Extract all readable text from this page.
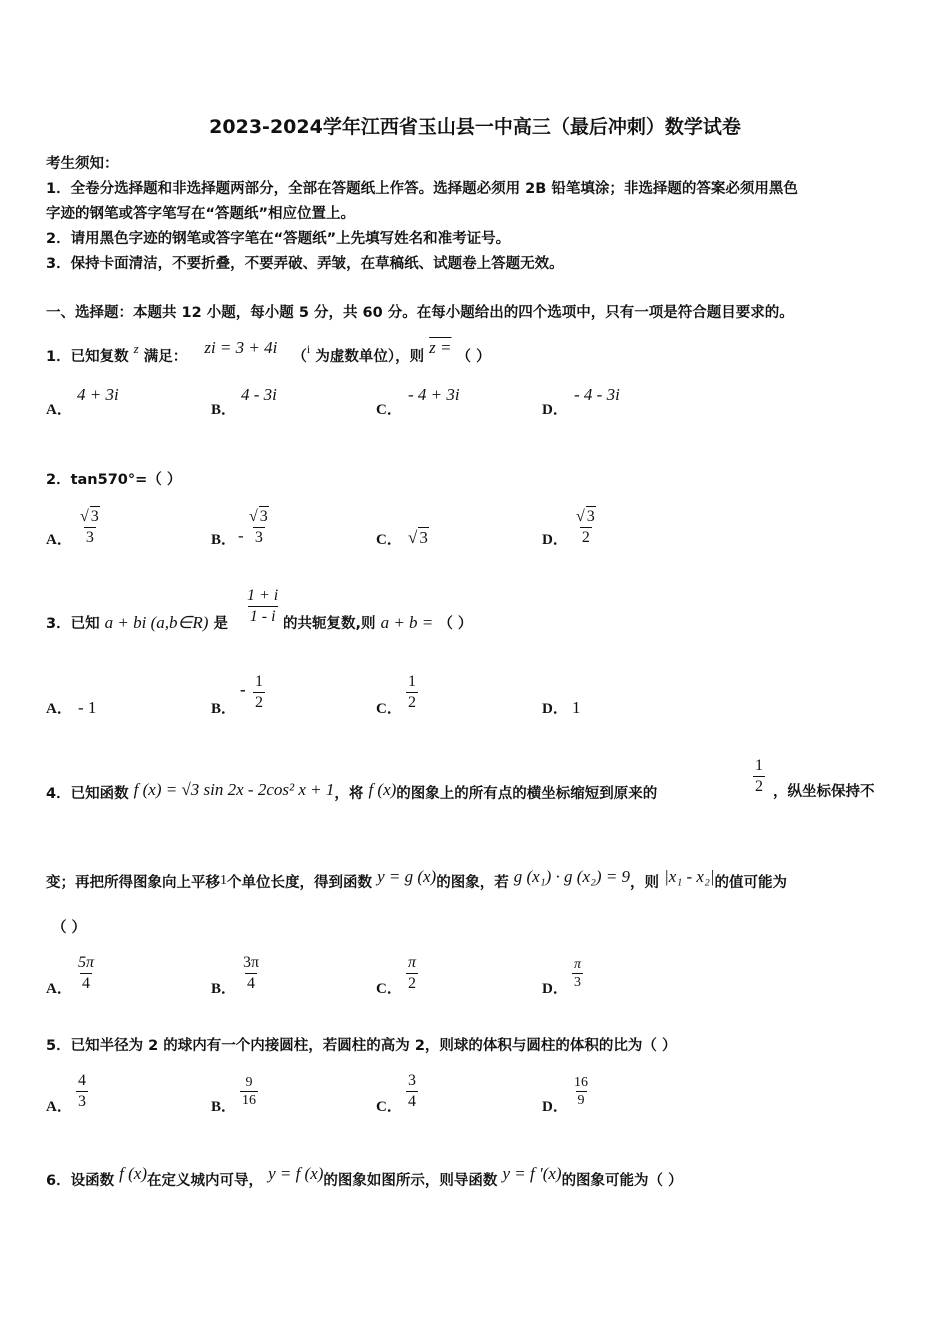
2023-2024学年江西省玉山县一中高三（最后冲刺）数学试卷
考生须知：
1．全卷分选择题和非选择题两部分，全部在答题纸上作答。选择题必须用 2B 铅笔填涂；非选择题的答案必须用黑色
字迹的钢笔或答字笔写在“答题纸”相应位置上。
2．请用黑色字迹的钢笔或答字笔在“答题纸”上先填写姓名和准考证号。
3．保持卡面清洁，不要折叠，不要弄破、弄皱，在草稿纸、试题卷上答题无效。
一、选择题：本题共 12 小题，每小题 5 分，共 60 分。在每小题给出的四个选项中，只有一项是符合题目要求的。
1．已知复数 z 满足： zi = 3 + 4i （$^i$ 为虚数单位），则 z = （ ）
A．
4 + 3i
B．
4 - 3i
C．
- 4 + 3i
D．
- 4 - 3i
2．tan570°=（ ）
A． $\frac{√ 3}{3}$	B． - $\frac{√ 3}{3}$	C． √ 3	D． $\frac{√ 3}{2}$
3．已知 a + bi (a,b∈R) 是 $\frac{1 + i}{1 - i}$ 的共轭复数,则 a + b = （ ）
A． - 1	B．
- $\frac{1}{2}$	C． $\frac{1}{2}$	D． 1
4．已知函数 f (x) = √3 sin 2x - 2cos² x + 1，将 f (x)的图象上的所有点的横坐标缩短到原来的	$\frac{1}{2}$ ，纵坐标保持不
变；再把所得图象向上平移1个单位长度，得到函数 y = g (x)的图象，若 g (x₁) · g (x₂) = 9，则 |x₁ - x₂|的值可能为
（ ）
A． $\frac{5\pi}{4}$	B． $\frac{3\pi}{4}$	C． $\frac{\pi}{2}$	D． $\frac{\pi}{3}$
5．已知半径为 2 的球内有一个内接圆柱，若圆柱的高为 2，则球的体积与圆柱的体积的比为（ ）
A． $\frac{4}{3}$	B． $\frac{9}{16}$	C． $\frac{3}{4}$	D． $\frac{16}{9}$
6．设函数 f (x)在定义城内可导， y = f (x)的图象如图所示，则导函数 y = f ′(x)的图象可能为（ ）
